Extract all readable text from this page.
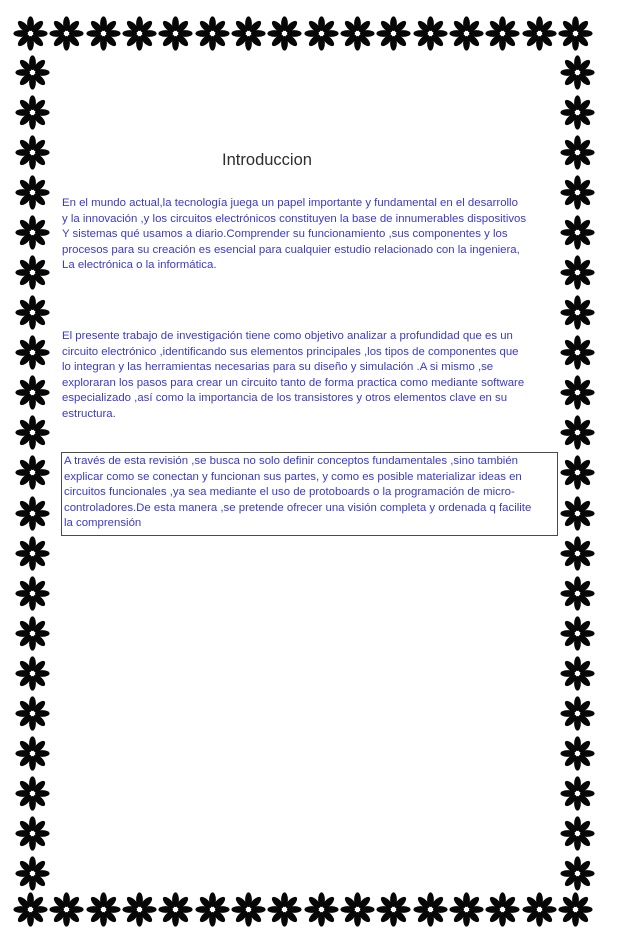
Introduccion
En el mundo actual,la tecnología juega un papel importante y fundamental en el desarrollo
y la innovación ,y los circuitos electrónicos constituyen la base de innumerables dispositivos
Y sistemas qué usamos a diario.Comprender su funcionamiento ,sus componentes y los
procesos para su creación es esencial para cualquier estudio relacionado con la ingeniera,
La electrónica o la informática.
El presente trabajo de investigación tiene como objetivo analizar a profundidad que es un
circuito electrónico ,identificando sus elementos principales ,los tipos de componentes que
lo integran y las herramientas necesarias para su diseño y simulación .A si mismo ,se
exploraran los pasos para crear un circuito tanto de forma practica como mediante software
especializado ,así como la importancia de los transistores y otros elementos clave en su
estructura.
A través de esta revisión ,se busca no solo definir conceptos fundamentales ,sino también
explicar como se conectan y funcionan sus partes, y como es posible materializar ideas en
circuitos funcionales ,ya sea mediante el uso de protoboards o la programación de micro-
controladores.De esta manera ,se pretende ofrecer una visión completa y ordenada q facilite
la comprensión
